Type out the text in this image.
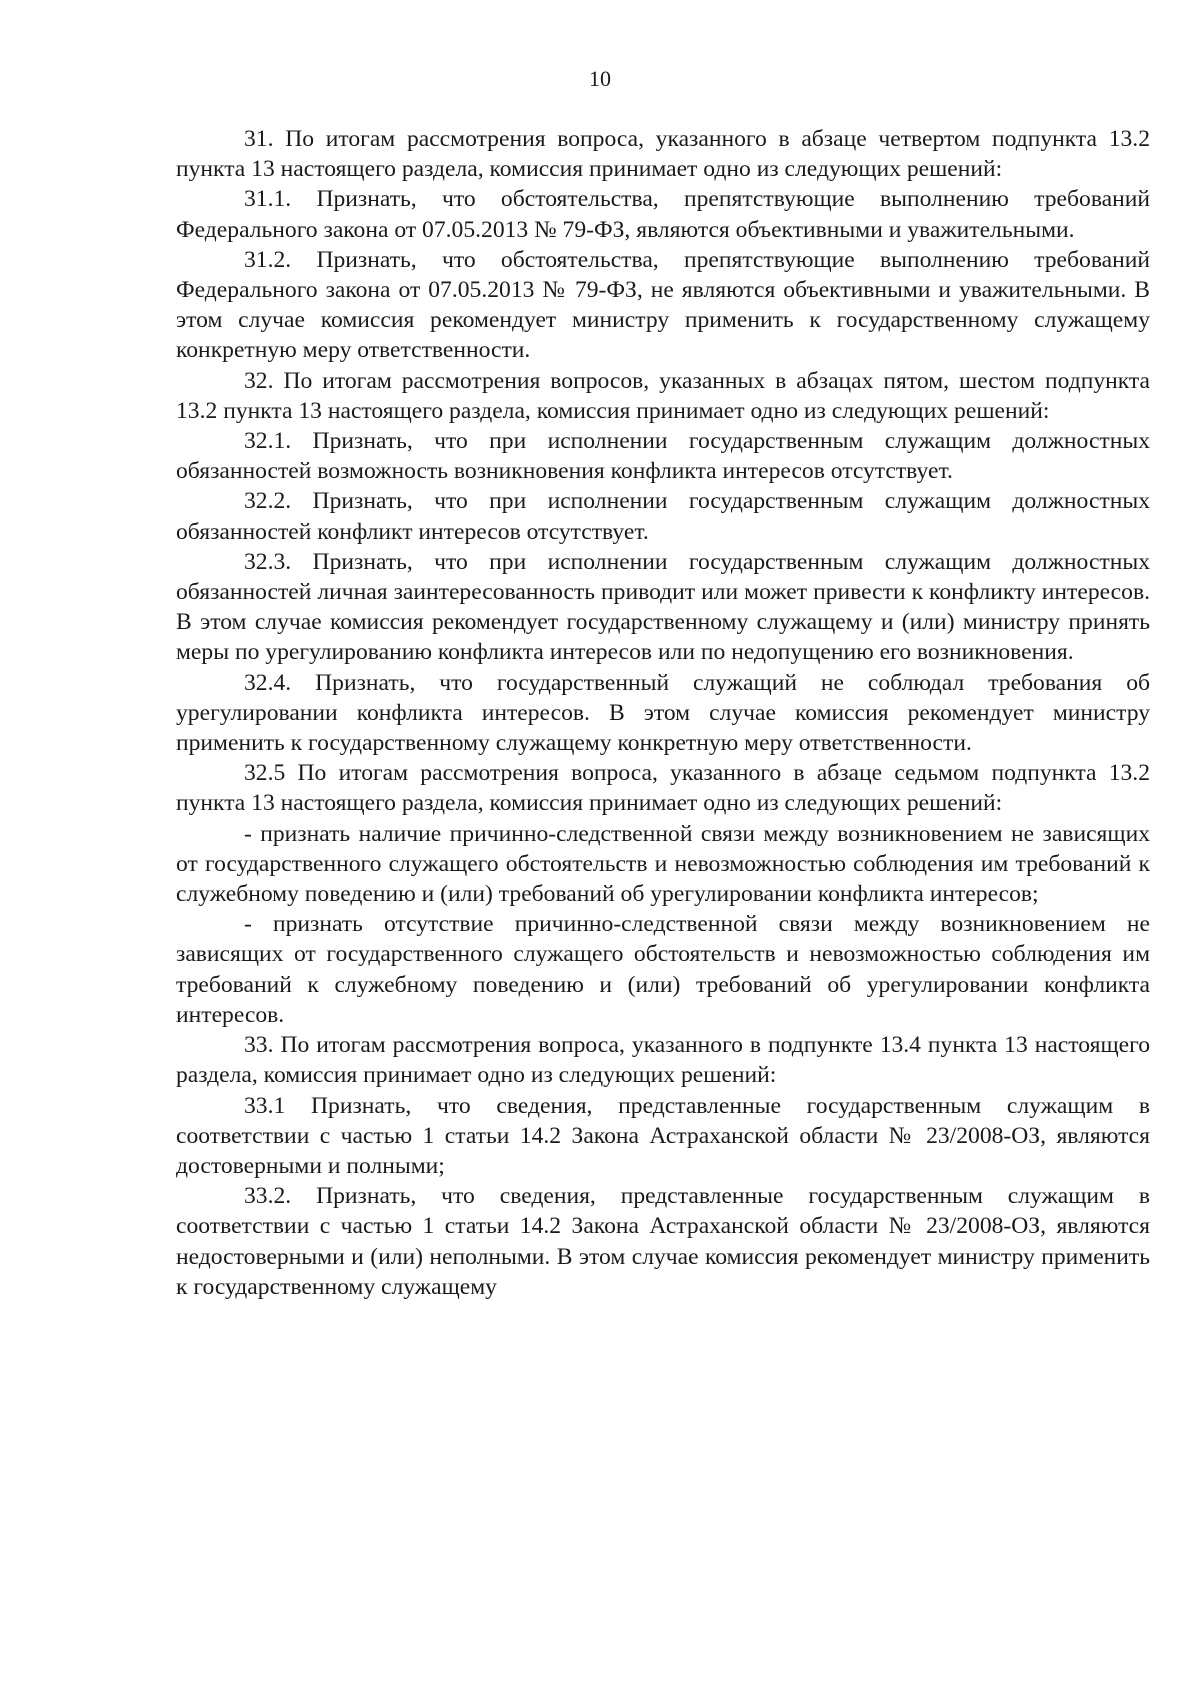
10

31. По итогам рассмотрения вопроса, указанного в абзаце четвертом подпункта 13.2 пункта 13 настоящего раздела, комиссия принимает одно из следующих решений:

31.1. Признать, что обстоятельства, препятствующие выполнению требований Федерального закона от 07.05.2013 № 79-ФЗ, являются объективными и уважительными.

31.2. Признать, что обстоятельства, препятствующие выполнению требований Федерального закона от 07.05.2013 № 79-ФЗ, не являются объективными и уважительными. В этом случае комиссия рекомендует министру применить к государственному служащему конкретную меру ответственности.

32. По итогам рассмотрения вопросов, указанных в абзацах пятом, шестом подпункта 13.2 пункта 13 настоящего раздела, комиссия принимает одно из следующих решений:

32.1. Признать, что при исполнении государственным служащим должностных обязанностей возможность возникновения конфликта интересов отсутствует.

32.2. Признать, что при исполнении государственным служащим должностных обязанностей конфликт интересов отсутствует.

32.3. Признать, что при исполнении государственным служащим должностных обязанностей личная заинтересованность приводит или может привести к конфликту интересов. В этом случае комиссия рекомендует государственному служащему и (или) министру принять меры по урегулированию конфликта интересов или по недопущению его возникновения.

32.4. Признать, что государственный служащий не соблюдал требования об урегулировании конфликта интересов. В этом случае комиссия рекомендует министру применить к государственному служащему конкретную меру ответственности.

32.5 По итогам рассмотрения вопроса, указанного в абзаце седьмом подпункта 13.2 пункта 13 настоящего раздела, комиссия принимает одно из следующих решений:

- признать наличие причинно-следственной связи между возникновением не зависящих от государственного служащего обстоятельств и невозможностью соблюдения им требований к служебному поведению и (или) требований об урегулировании конфликта интересов;

- признать отсутствие причинно-следственной связи между возникновением не зависящих от государственного служащего обстоятельств и невозможностью соблюдения им требований к служебному поведению и (или) требований об урегулировании конфликта интересов.

33. По итогам рассмотрения вопроса, указанного в подпункте 13.4 пункта 13 настоящего раздела, комиссия принимает одно из следующих решений:

33.1 Признать, что сведения, представленные государственным служащим в соответствии с частью 1 статьи 14.2 Закона Астраханской области № 23/2008-ОЗ, являются достоверными и полными;

33.2. Признать, что сведения, представленные государственным служащим в соответствии с частью 1 статьи 14.2 Закона Астраханской области № 23/2008-ОЗ, являются недостоверными и (или) неполными. В этом случае комиссия рекомендует министру применить к государственному служащему
